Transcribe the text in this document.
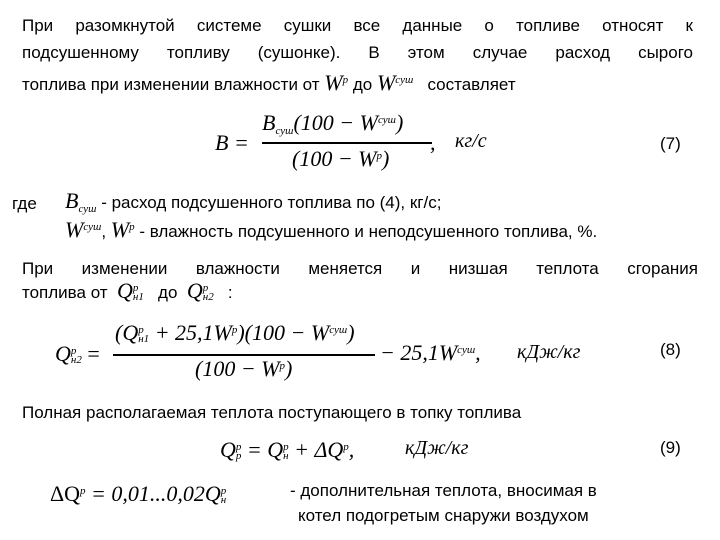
При разомкнутой системе сушки все данные о топливе относят к
подсушенному топливу (сушонке). В этом случае расход сырого
топлива при изменении влажности от $W^р$ до $W^{суш}$ составляет
B =
$B_{суш}(100 - W^{суш})$
$(100 - W^р)$
, кг/с	(7)
где $B_{суш}$ - расход подсушенного топлива по (4), кг/с;
$W^{суш}$, $W^р$ - влажность подсушенного и неподсушенного топлива, %.
При изменении влажности меняется и низшая теплота сгорания
топлива от Q р
н1 до Q р
н2 :
Q р
н2 =
(Q р
$н1 + 25,1W^р)(100 - W^{суш})$
$(100 - W^р)$
− $25,1W^{суш}$, кДж/кг	(8)
Полная располагаемая теплота поступающего в топку топлива
Q р
р = Q р
$н + \Delta Q^р$,	кДж/кг	(9)
$\Delta Q^р = 0,01...0,02Q$ р
н	- дополнительная теплота, вносимая в
котел подогретым снаружи воздухом
